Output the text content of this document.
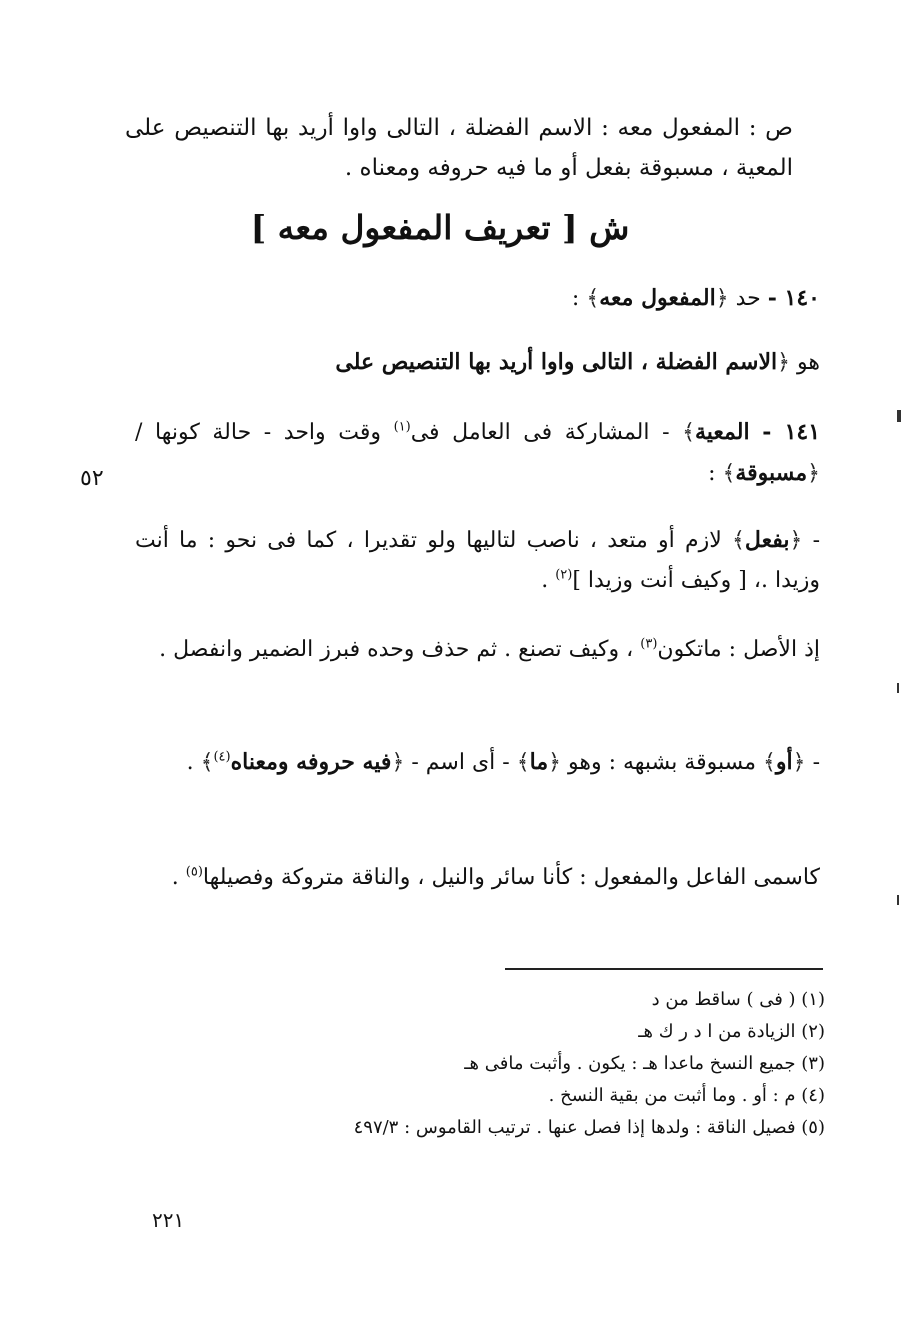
ص : المفعول معه : الاسم الفضلة ، التالى واوا أريد بها التنصيص على المعية ، مسبوقة بفعل أو ما فيه حروفه ومعناه .
ش [ تعريف المفعول معه ]
١٤٠ - حد ﴿المفعول معه﴾ :
هو ﴿الاسم الفضلة ، التالى واوا أريد بها التنصيص على
١٤١ - المعية﴾ - المشاركة فى العامل فى$^{(١)}$ وقت واحد - حالة كونها / ﴿مسبوقة﴾ :
- ﴿بفعل﴾ لازم أو متعد ، ناصب لتاليها ولو تقديرا ، كما فى نحو : ما أنت وزيدا .، [ وكيف أنت وزيدا ]$^{(٢)}$ .
إذ الأصل : ماتكون$^{(٣)}$ ، وكيف تصنع . ثم حذف وحده فبرز الضمير وانفصل .
- ﴿أو﴾ مسبوقة بشبهه : وهو ﴿ما﴾ - أى اسم - ﴿فيه حروفه ومعناه$^{(٤)}$﴾ .
كاسمى الفاعل والمفعول : كأنا سائر والنيل ، والناقة متروكة وفصيلها$^{(٥)}$ .
٥٢
(١) ( فى ) ساقط من د
(٢) الزيادة من ا د ر ك هـ
(٣) جميع النسخ ماعدا هـ : يكون . وأثبت مافى هـ
(٤) م : أو . وما أثبت من بقية النسخ .
(٥) فصيل الناقة : ولدها إذا فصل عنها . ترتيب القاموس : ٤٩٧/٣
٢٢١
